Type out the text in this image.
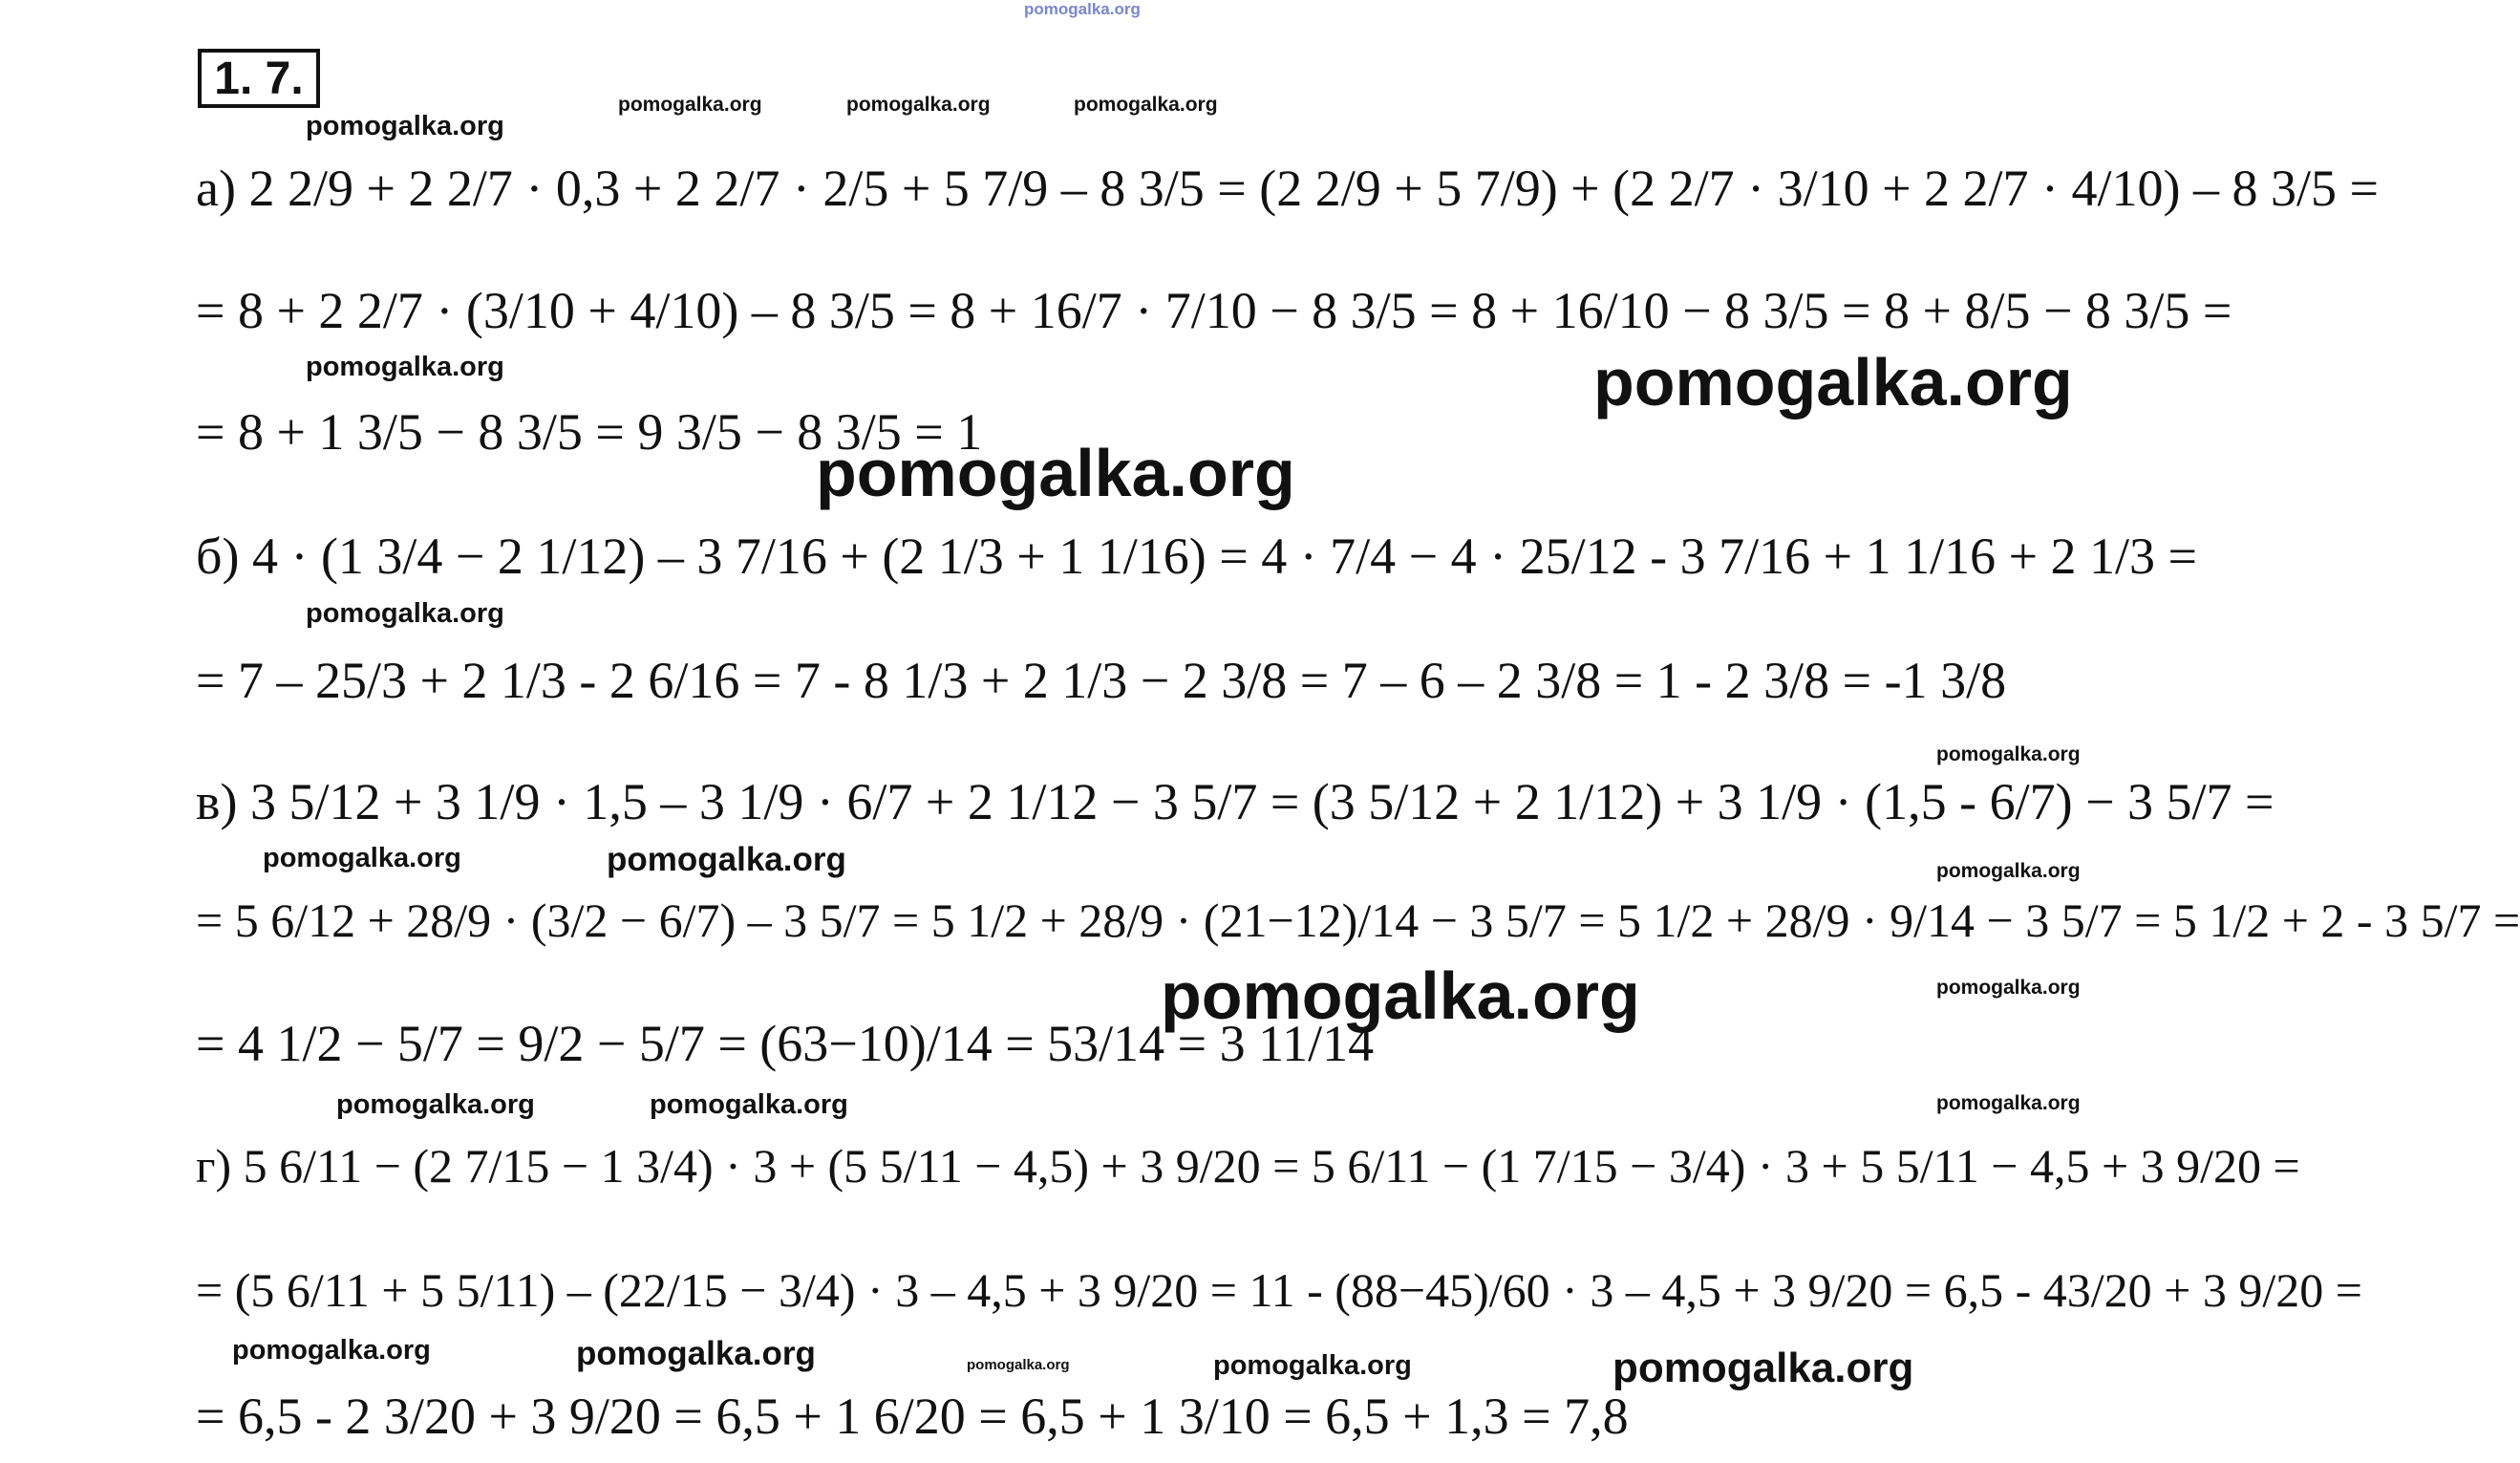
pomogalka.org
pomogalka.org	pomogalka.org	pomogalka.org
pomogalka.org
pomogalka.org	pomogalka.org
pomogalka.org
pomogalka.org
pomogalka.org
pomogalka.org	pomogalka.org	pomogalka.org
pomogalka.org	pomogalka.org
pomogalka.org	pomogalka.org	pomogalka.org
pomogalka.org	pomogalka.org	pomogalka.org	pomogalka.org	pomogalka.org
1. 7.
а) 2 2/9 + 2 2/7 · 0,3 + 2 2/7 · 2/5 + 5 7/9 – 8 3/5 = (2 2/9 + 5 7/9) + (2 2/7 · 3/10 + 2 2/7 · 4/10) – 8 3/5 =
= 8 + 2 2/7 · (3/10 + 4/10) – 8 3/5 = 8 + 16/7 · 7/10 − 8 3/5 = 8 + 16/10 − 8 3/5 = 8 + 8/5 − 8 3/5 =
= 8 + 1 3/5 − 8 3/5 = 9 3/5 − 8 3/5 = 1
б) 4 · (1 3/4 − 2 1/12) – 3 7/16 + (2 1/3 + 1 1/16) = 4 · 7/4 − 4 · 25/12 - 3 7/16 + 1 1/16 + 2 1/3 =
= 7 – 25/3 + 2 1/3 - 2 6/16 = 7 - 8 1/3 + 2 1/3 − 2 3/8 = 7 – 6 – 2 3/8 = 1 - 2 3/8 = -1 3/8
в) 3 5/12 + 3 1/9 · 1,5 – 3 1/9 · 6/7 + 2 1/12 − 3 5/7 = (3 5/12 + 2 1/12) + 3 1/9 · (1,5 - 6/7) − 3 5/7 =
= 5 6/12 + 28/9 · (3/2 − 6/7) – 3 5/7 = 5 1/2 + 28/9 · (21−12)/14 − 3 5/7 = 5 1/2 + 28/9 · 9/14 − 3 5/7 = 5 1/2 + 2 - 3 5/7 =
= 4 1/2 − 5/7 = 9/2 − 5/7 = (63−10)/14 = 53/14 = 3 11/14
г) 5 6/11 − (2 7/15 − 1 3/4) · 3 + (5 5/11 − 4,5) + 3 9/20 = 5 6/11 − (1 7/15 − 3/4) · 3 + 5 5/11 − 4,5 + 3 9/20 =
= (5 6/11 + 5 5/11) – (22/15 − 3/4) · 3 – 4,5 + 3 9/20 = 11 - (88−45)/60 · 3 – 4,5 + 3 9/20 = 6,5 - 43/20 + 3 9/20 =
= 6,5 - 2 3/20 + 3 9/20 = 6,5 + 1 6/20 = 6,5 + 1 3/10 = 6,5 + 1,3 = 7,8
